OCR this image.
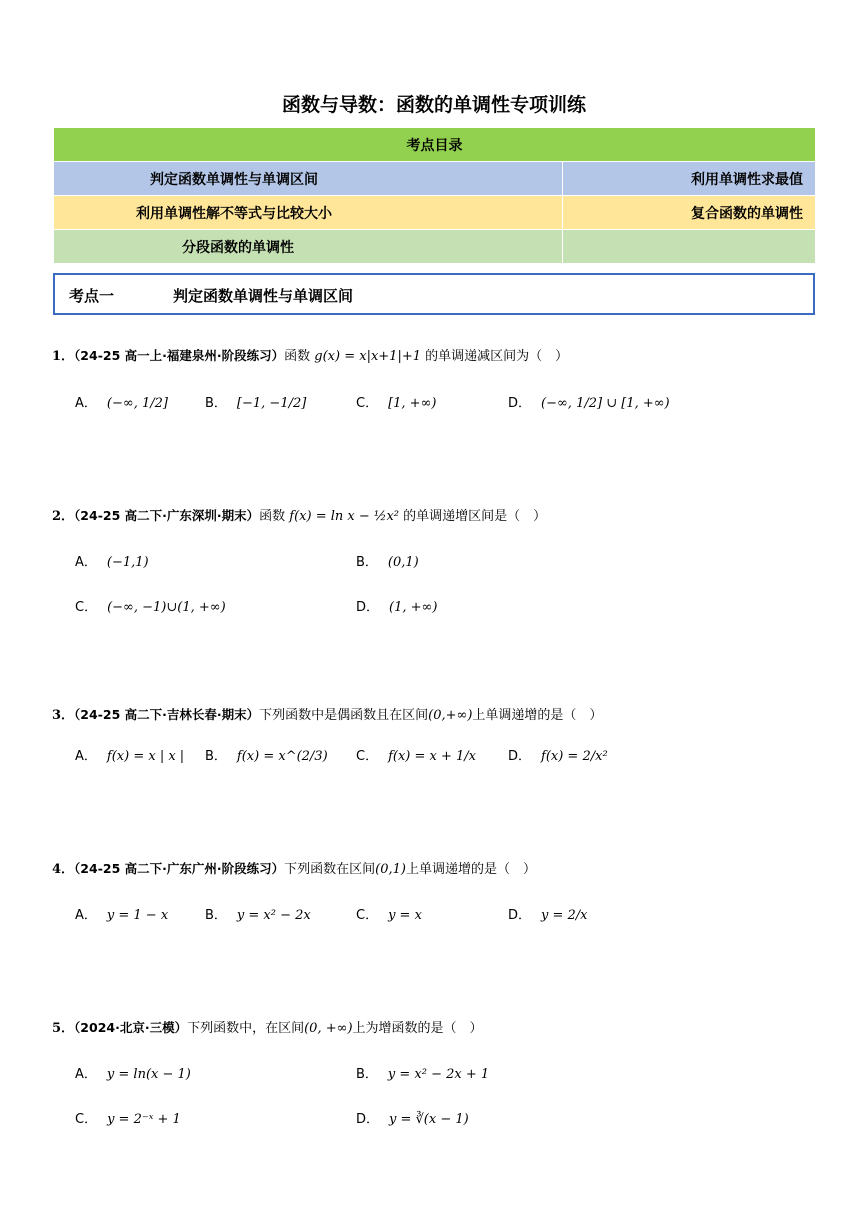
函数与导数：函数的单调性专项训练
考点目录	
判定函数单调性与单调区间	利用单调性求最值
利用单调性解不等式与比较大小	复合函数的单调性
分段函数的单调性	
考点一	判定函数单调性与单调区间
1．（24-25 高一上·福建泉州·阶段练习）函数 g(x) = x|x+1|+1 的单调递减区间为（　）
A． (−∞, 1/2]	B． [−1, −1/2]	C． [1, +∞)	D． (−∞, 1/2] ∪ [1, +∞)
2．（24-25 高二下·广东深圳·期末）函数 f(x) = ln x − ½x² 的单调递增区间是（　）
A． (−1,1)	B． (0,1)
C． (−∞, −1)∪(1, +∞)	D． (1, +∞)
3．（24-25 高二下·吉林长春·期末）下列函数中是偶函数且在区间(0,+∞)上单调递增的是（　）
A． f(x) = x | x | B． f(x) = x^(2/3) C． f(x) = x + 1/x D． f(x) = 2/x²
4．（24-25 高二下·广东广州·阶段练习）下列函数在区间(0,1)上单调递增的是（　）
A． y = 1 − x	B． y = x² − 2x	C． y = x	D． y = 2/x
5．（2024·北京·三模）下列函数中，在区间(0, +∞)上为增函数的是（　）
A． y = ln(x − 1)	B． y = x² − 2x + 1
C． y = 2⁻ˣ + 1	D． y = ∛(x − 1)
